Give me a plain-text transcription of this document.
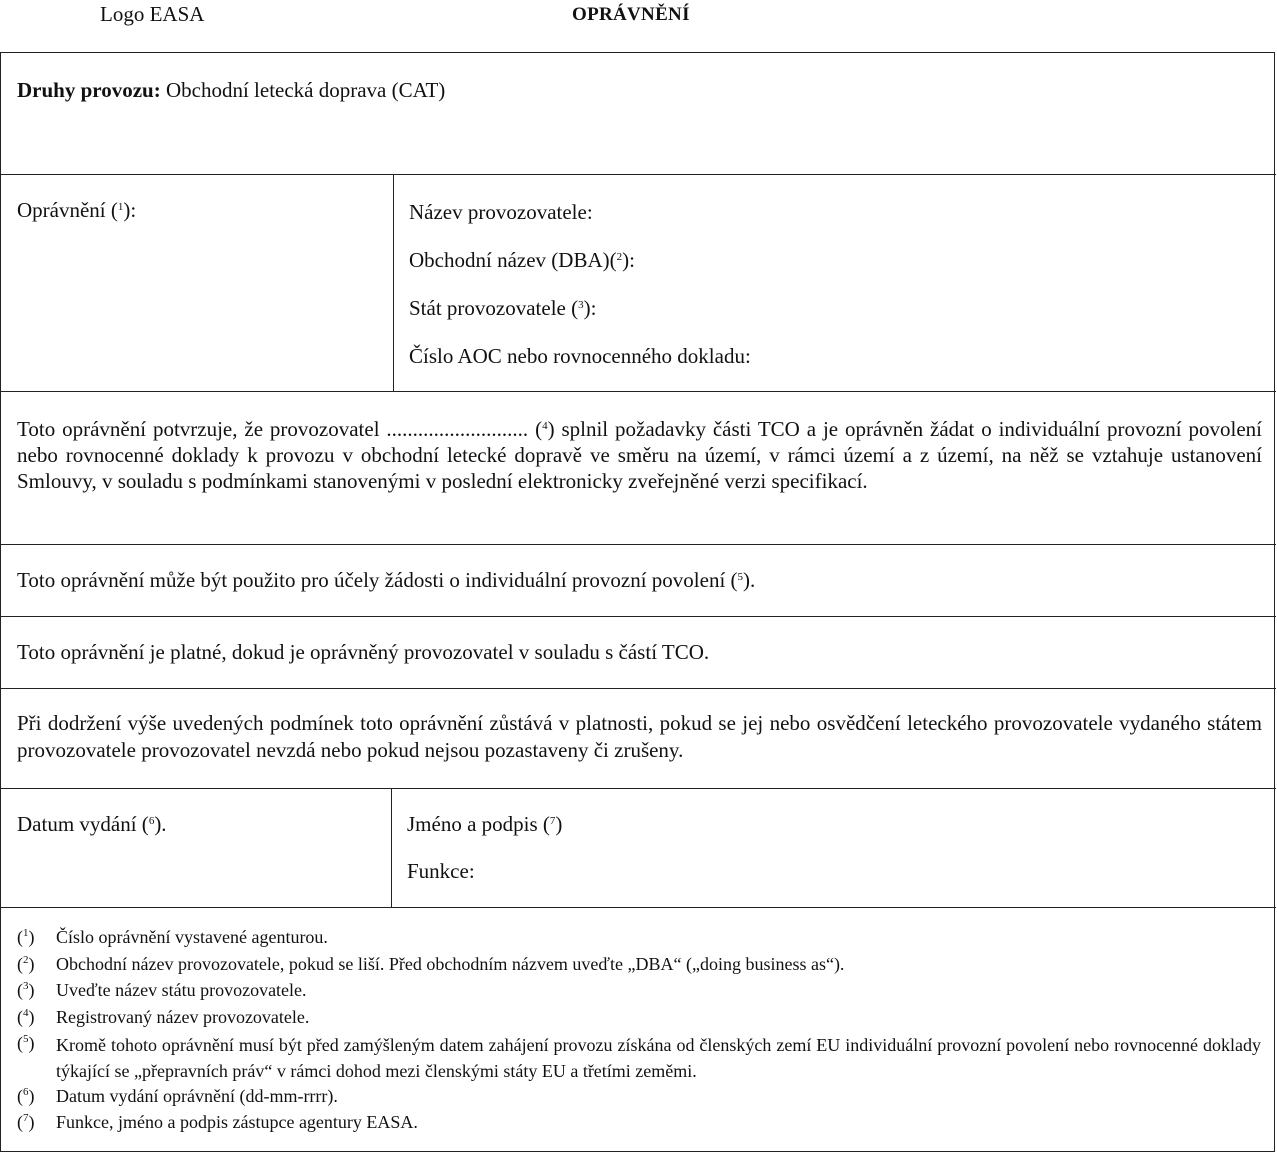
Logo EASA	OPRÁVNĚNÍ
Druhy provozu: Obchodní letecká doprava (CAT)
Oprávnění ($^1$):	Název provozovatele:
Obchodní název (DBA)($^2$):
Stát provozovatele ($^3$):
Číslo AOC nebo rovnocenného dokladu:
Toto oprávnění potvrzuje, že provozovatel ........................... ($^4$) splnil požadavky části TCO a je oprávněn žádat o individuální provozní povolení nebo rovnocenné doklady k provozu v obchodní letecké dopravě ve směru na území, v rámci území a z území, na něž se vztahuje ustanovení Smlouvy, v souladu s podmínkami stanovenými v poslední elektronicky zveřejněné verzi specifikací.
Toto oprávnění může být použito pro účely žádosti o individuální provozní povolení ($^5$).
Toto oprávnění je platné, dokud je oprávněný provozovatel v souladu s částí TCO.
Při dodržení výše uvedených podmínek toto oprávnění zůstává v platnosti, pokud se jej nebo osvědčení leteckého provozovatele vydaného státem provozovatele provozovatel nevzdá nebo pokud nejsou pozastaveny či zrušeny.
Datum vydání ($^6$).	Jméno a podpis ($^7$)
Funkce:
($^1$) Číslo oprávnění vystavené agenturou.
($^2$) Obchodní název provozovatele, pokud se liší. Před obchodním názvem uveďte „DBA“ („doing business as“).
($^3$) Uveďte název státu provozovatele.
($^4$) Registrovaný název provozovatele.
($^5$) Kromě tohoto oprávnění musí být před zamýšleným datem zahájení provozu získána od členských zemí EU individuální provozní povolení nebo rovnocenné doklady týkající se „přepravních práv“ v rámci dohod mezi členskými státy EU a třetími zeměmi.
($^6$) Datum vydání oprávnění (dd-mm-rrrr).
($^7$) Funkce, jméno a podpis zástupce agentury EASA.
